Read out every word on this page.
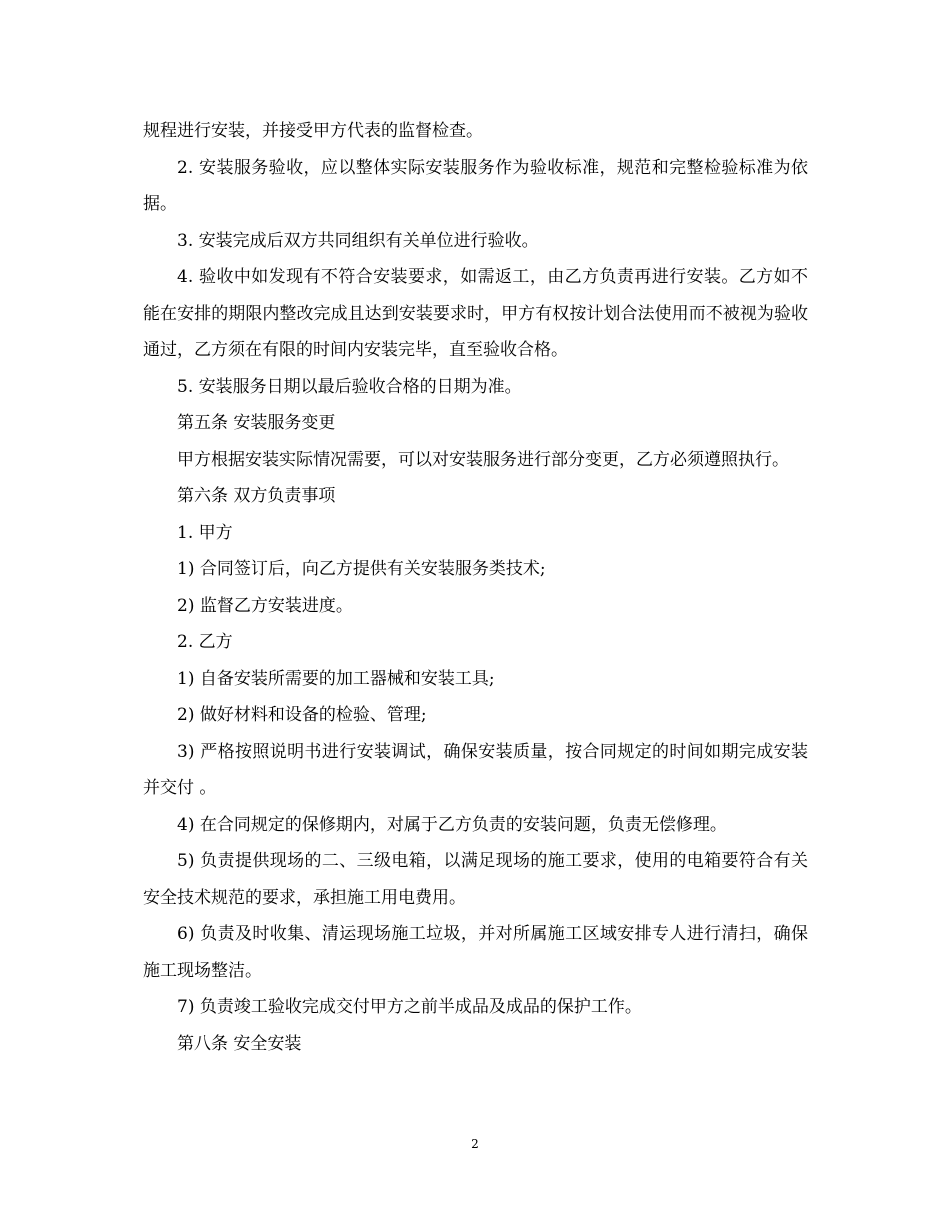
规程进行安装，并接受甲方代表的监督检查。

2. 安装服务验收，应以整体实际安装服务作为验收标准，规范和完整检验标准为依据。

3. 安装完成后双方共同组织有关单位进行验收。

4. 验收中如发现有不符合安装要求，如需返工，由乙方负责再进行安装。乙方如不能在安排的期限内整改完成且达到安装要求时，甲方有权按计划合法使用而不被视为验收通过，乙方须在有限的时间内安装完毕，直至验收合格。

5. 安装服务日期以最后验收合格的日期为准。

第五条 安装服务变更

甲方根据安装实际情况需要，可以对安装服务进行部分变更，乙方必须遵照执行。

第六条 双方负责事项

1. 甲方

1) 合同签订后，向乙方提供有关安装服务类技术;

2) 监督乙方安装进度。

2. 乙方

1) 自备安装所需要的加工器械和安装工具;

2) 做好材料和设备的检验、管理;

3) 严格按照说明书进行安装调试，确保安装质量，按合同规定的时间如期完成安装并交付 。

4) 在合同规定的保修期内，对属于乙方负责的安装问题，负责无偿修理。

5) 负责提供现场的二、三级电箱，以满足现场的施工要求，使用的电箱要符合有关安全技术规范的要求，承担施工用电费用。

6) 负责及时收集、清运现场施工垃圾，并对所属施工区域安排专人进行清扫，确保施工现场整洁。

7) 负责竣工验收完成交付甲方之前半成品及成品的保护工作。

第八条 安全安装

2
